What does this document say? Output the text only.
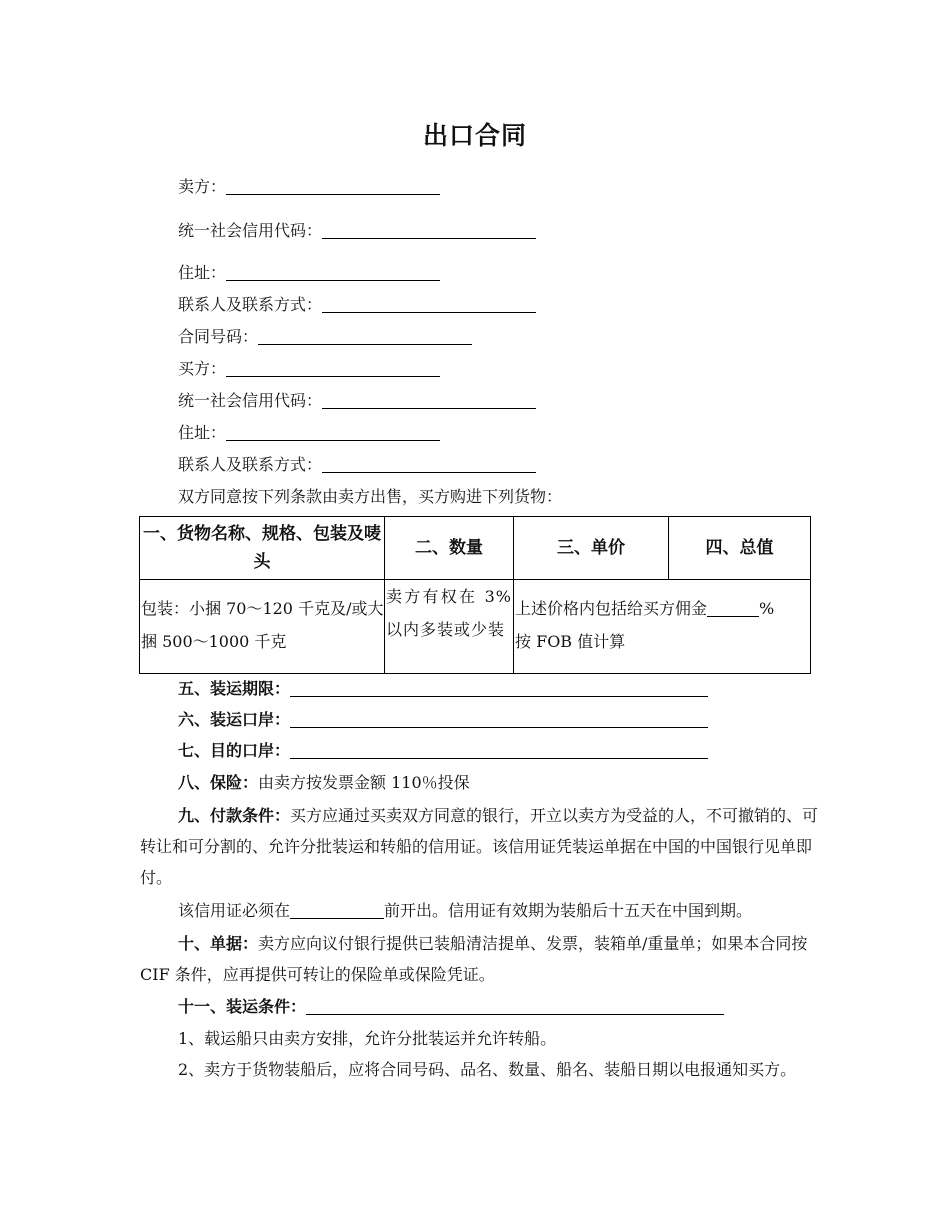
出口合同
卖方：
统一社会信用代码：
住址：
联系人及联系方式：
合同号码：
买方：
统一社会信用代码：
住址：
联系人及联系方式：
双方同意按下列条款由卖方出售，买方购进下列货物：
一、货物名称、规格、包装及唛头	二、数量	三、单价	四、总值
包装：小捆 70～120 千克及/或大捆 500～1000 千克	卖方有权在 3% 以内多装或少装	上述价格内包括给买方佣金 %
按 FOB 值计算	
五、装运期限：
六、装运口岸：
七、目的口岸：
八、保险：由卖方按发票金额 110％投保
九、付款条件：买方应通过买卖双方同意的银行，开立以卖方为受益的人，不可撤销的、可转让和可分割的、允许分批装运和转船的信用证。该信用证凭装运单据在中国的中国银行见单即付。
该信用证必须在	前开出。信用证有效期为装船后十五天在中国到期。
十、单据：卖方应向议付银行提供已装船清洁提单、发票，装箱单/重量单；如果本合同按 CIF 条件，应再提供可转让的保险单或保险凭证。
十一、装运条件：
1、载运船只由卖方安排，允许分批装运并允许转船。
2、卖方于货物装船后，应将合同号码、品名、数量、船名、装船日期以电报通知买方。
